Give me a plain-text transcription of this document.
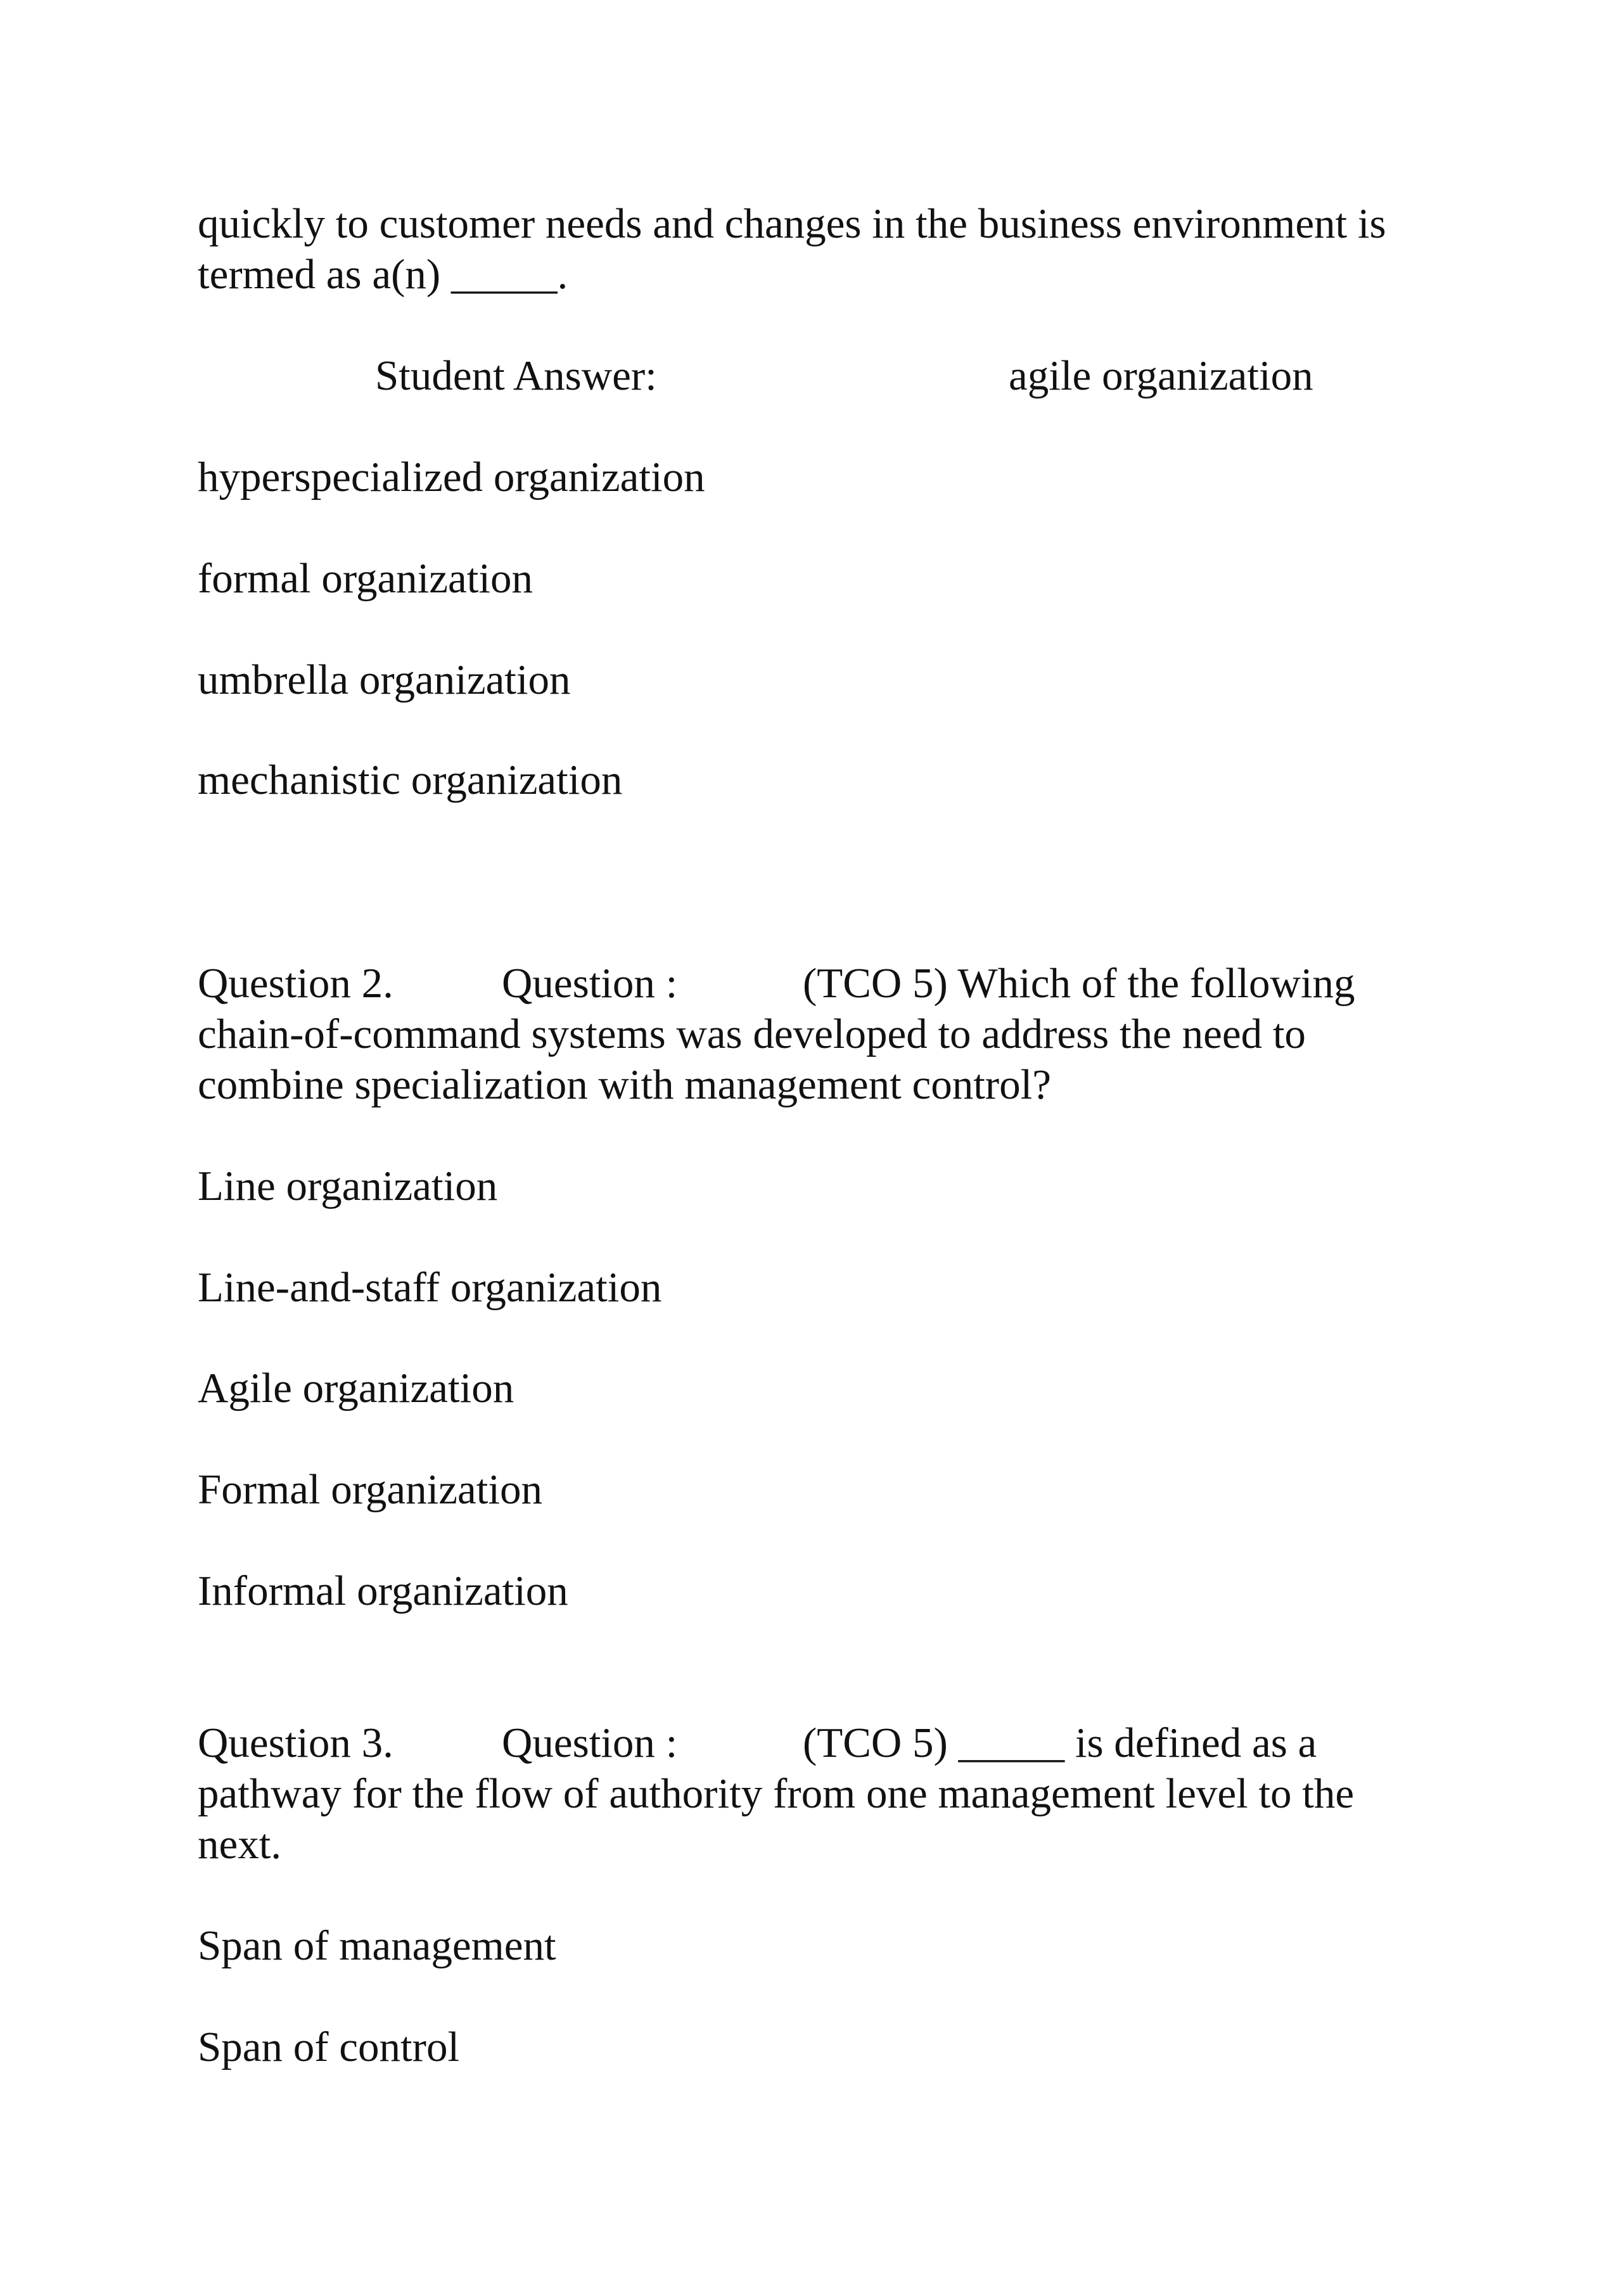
quickly to customer needs and changes in the business environment is

termed as a(n) _____.

Student Answer:	agile organization

hyperspecialized organization

formal organization

umbrella organization

mechanistic organization

Question 2.	Question :	(TCO 5) Which of the following

chain-of-command systems was developed to address the need to

combine specialization with management control?

Line organization

Line-and-staff organization

Agile organization

Formal organization

Informal organization

Question 3.	Question :	(TCO 5) _____ is defined as a

pathway for the flow of authority from one management level to the

next.

Span of management

Span of control
